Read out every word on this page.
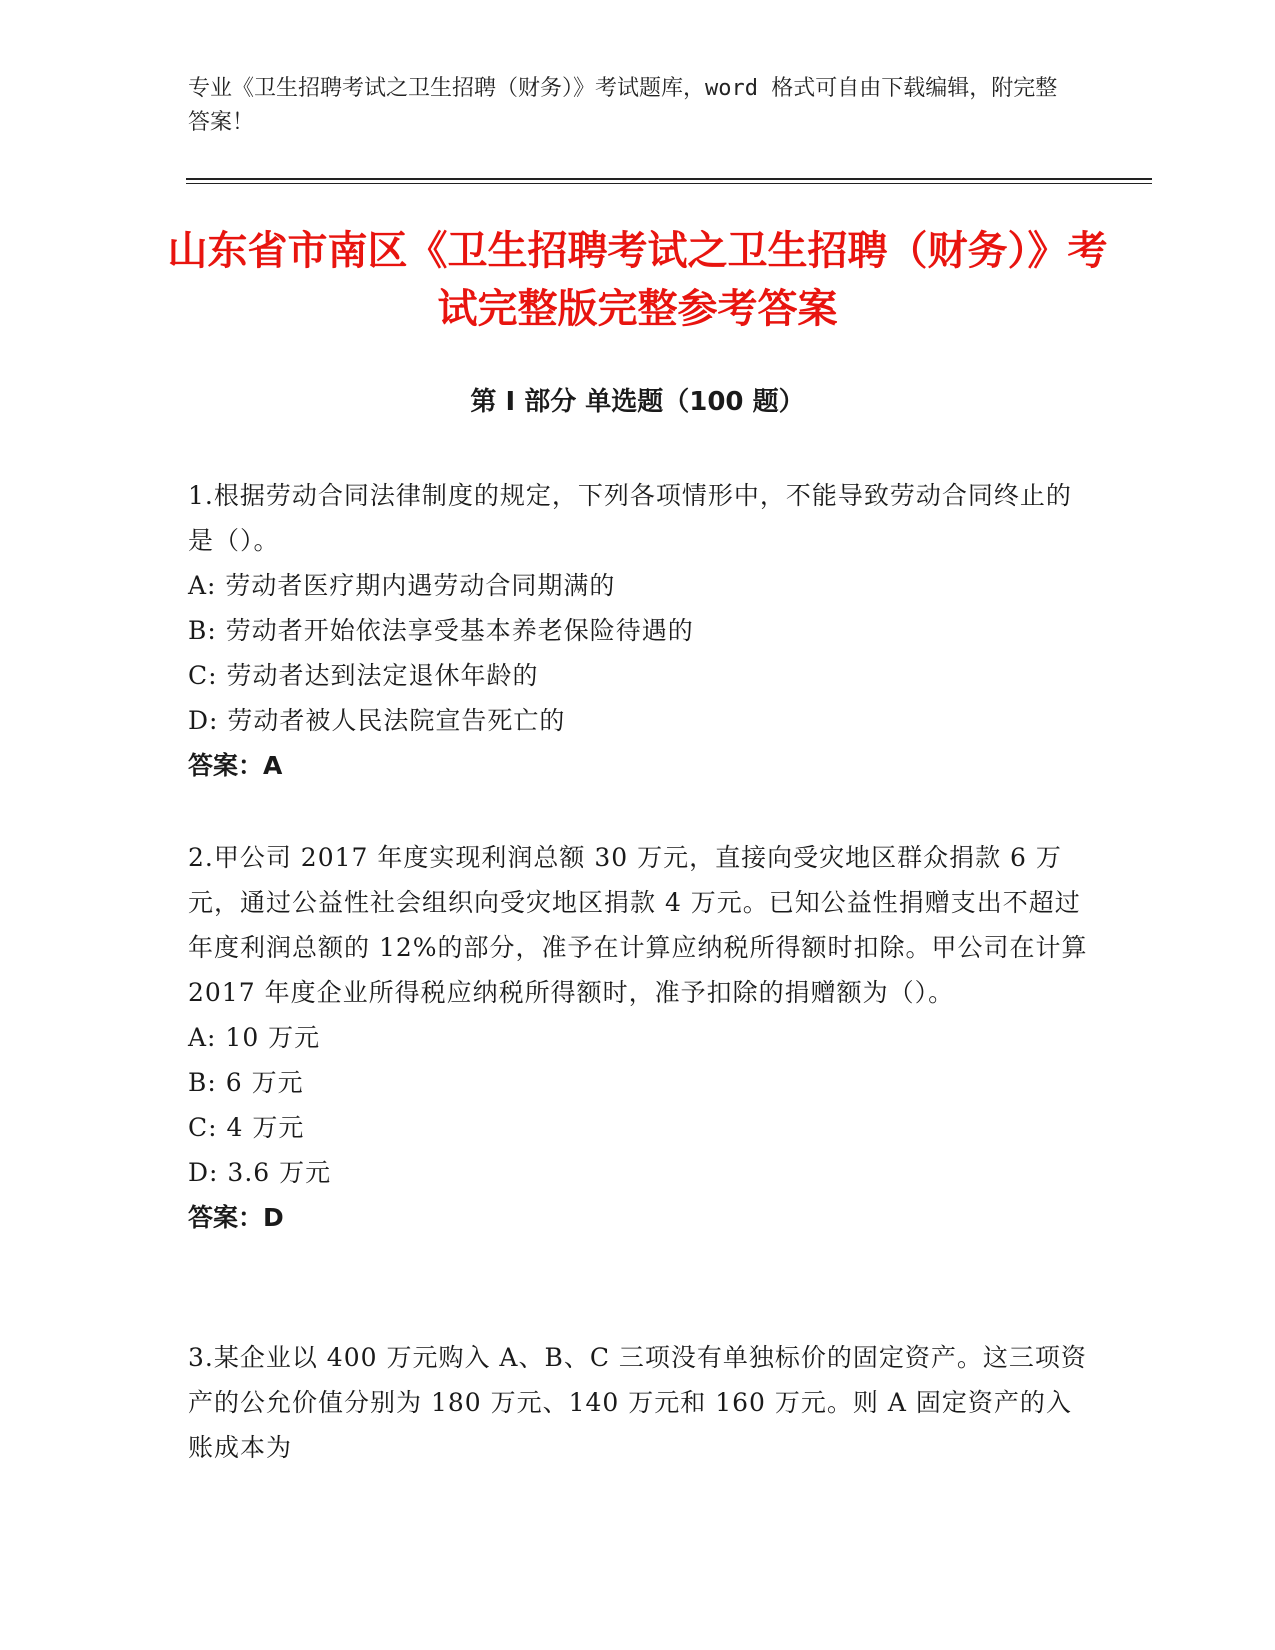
专业《卫生招聘考试之卫生招聘（财务）》考试题库，word 格式可自由下载编辑，附完整答案！
山东省市南区《卫生招聘考试之卫生招聘（财务）》考试完整版完整参考答案
第 I 部分 单选题（100 题）

1.根据劳动合同法律制度的规定，下列各项情形中，不能导致劳动合同终止的是（）。

A: 劳动者医疗期内遇劳动合同期满的

B: 劳动者开始依法享受基本养老保险待遇的

C: 劳动者达到法定退休年龄的

D: 劳动者被人民法院宣告死亡的

答案：A

2.甲公司 2017 年度实现利润总额 30 万元，直接向受灾地区群众捐款 6 万元，通过公益性社会组织向受灾地区捐款 4 万元。已知公益性捐赠支出不超过年度利润总额的 12%的部分，准予在计算应纳税所得额时扣除。甲公司在计算 2017 年度企业所得税应纳税所得额时，准予扣除的捐赠额为（）。

A: 10 万元

B: 6 万元

C: 4 万元

D: 3.6 万元

答案：D

3.某企业以 400 万元购入 A、B、C 三项没有单独标价的固定资产。这三项资产的公允价值分别为 180 万元、140 万元和 160 万元。则 A 固定资产的入账成本为
